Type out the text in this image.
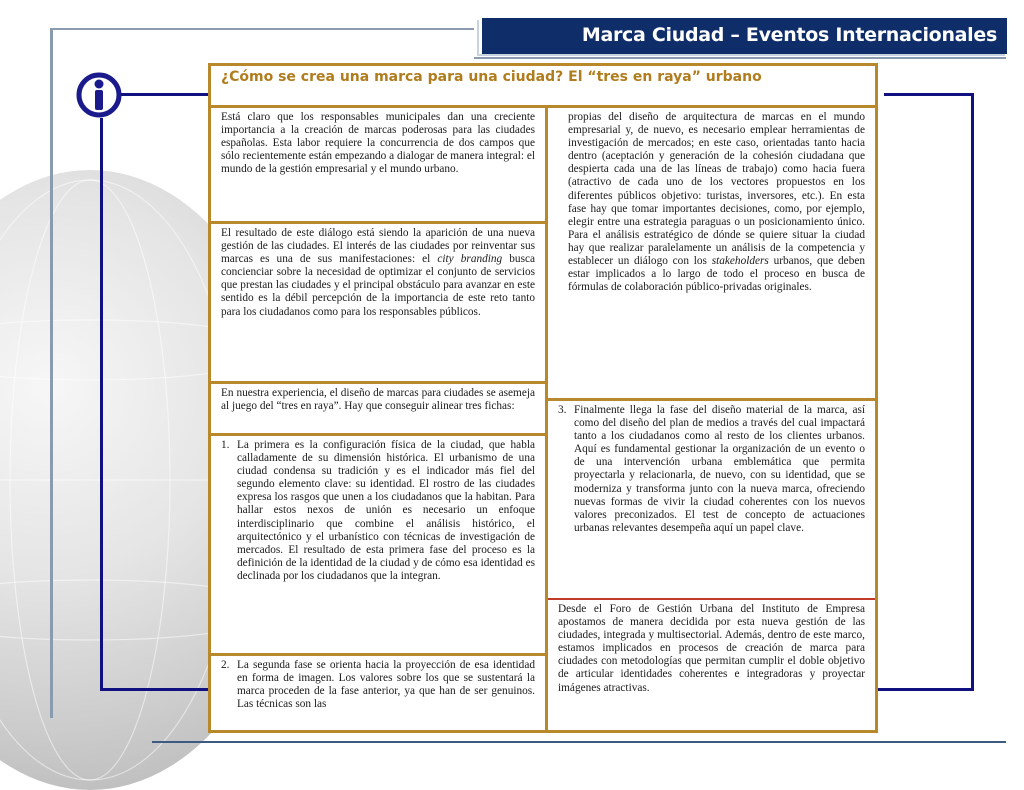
Marca Ciudad – Eventos Internacionales
¿Cómo se crea una marca para una ciudad? El “tres en raya” urbano
Está claro que los responsables municipales dan una creciente importancia a la creación de marcas poderosas para las ciudades españolas. Esta labor requiere la concurrencia de dos campos que sólo recientemente están empezando a dialogar de manera integral: el mundo de la gestión empresarial y el mundo urbano.
El resultado de este diálogo está siendo la aparición de una nueva gestión de las ciudades. El interés de las ciudades por reinventar sus marcas es una de sus manifestaciones: el city branding busca concienciar sobre la necesidad de optimizar el conjunto de servicios que prestan las ciudades y el principal obstáculo para avanzar en este sentido es la débil percepción de la importancia de este reto tanto para los ciudadanos como para los responsables públicos.
En nuestra experiencia, el diseño de marcas para ciudades se asemeja al juego del “tres en raya”. Hay que conseguir alinear tres fichas:
1. La primera es la configuración física de la ciudad, que habla calladamente de su dimensión histórica. El urbanismo de una ciudad condensa su tradición y es el indicador más fiel del segundo elemento clave: su identidad. El rostro de las ciudades expresa los rasgos que unen a los ciudadanos que la habitan. Para hallar estos nexos de unión es necesario un enfoque interdisciplinario que combine el análisis histórico, el arquitectónico y el urbanístico con técnicas de investigación de mercados. El resultado de esta primera fase del proceso es la definición de la identidad de la ciudad y de cómo esa identidad es declinada por los ciudadanos que la integran.
2. La segunda fase se orienta hacia la proyección de esa identidad en forma de imagen. Los valores sobre los que se sustentará la marca proceden de la fase anterior, ya que han de ser genuinos. Las técnicas son las
propias del diseño de arquitectura de marcas en el mundo empresarial y, de nuevo, es necesario emplear herramientas de investigación de mercados; en este caso, orientadas tanto hacia dentro (aceptación y generación de la cohesión ciudadana que despierta cada una de las líneas de trabajo) como hacia fuera (atractivo de cada uno de los vectores propuestos en los diferentes públicos objetivo: turistas, inversores, etc.). En esta fase hay que tomar importantes decisiones, como, por ejemplo, elegir entre una estrategia paraguas o un posicionamiento único. Para el análisis estratégico de dónde se quiere situar la ciudad hay que realizar paralelamente un análisis de la competencia y establecer un diálogo con los stakeholders urbanos, que deben estar implicados a lo largo de todo el proceso en busca de fórmulas de colaboración público-privadas originales.
3. Finalmente llega la fase del diseño material de la marca, así como del diseño del plan de medios a través del cual impactará tanto a los ciudadanos como al resto de los clientes urbanos. Aquí es fundamental gestionar la organización de un evento o de una intervención urbana emblemática que permita proyectarla y relacionarla, de nuevo, con su identidad, que se moderniza y transforma junto con la nueva marca, ofreciendo nuevas formas de vivir la ciudad coherentes con los nuevos valores preconizados. El test de concepto de actuaciones urbanas relevantes desempeña aquí un papel clave.
Desde el Foro de Gestión Urbana del Instituto de Empresa apostamos de manera decidida por esta nueva gestión de las ciudades, integrada y multisectorial. Además, dentro de este marco, estamos implicados en procesos de creación de marca para ciudades con metodologías que permitan cumplir el doble objetivo de articular identidades coherentes e integradoras y proyectar imágenes atractivas.
